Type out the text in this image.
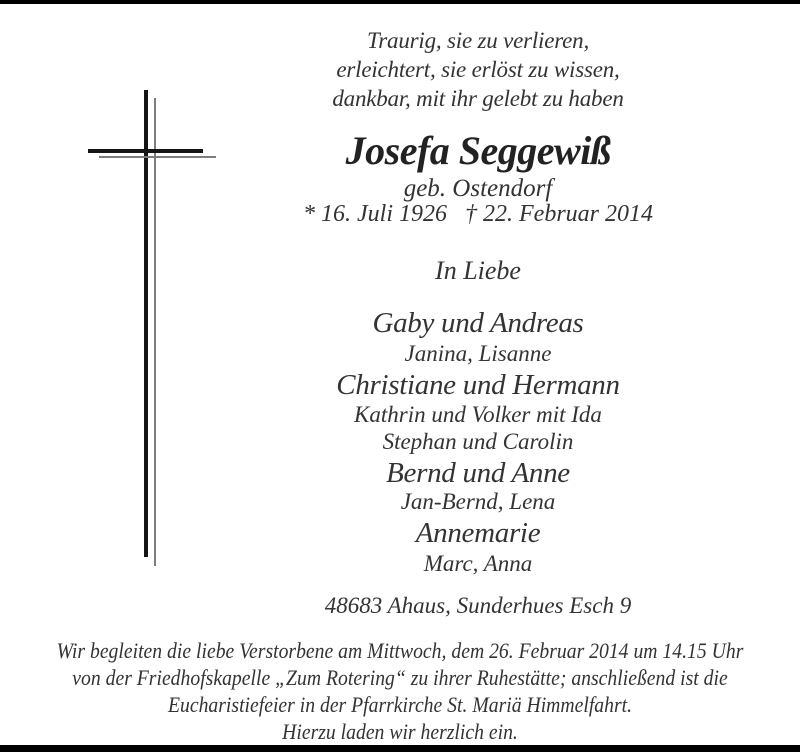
Traurig, sie zu verlieren,
erleichtert, sie erlöst zu wissen,
dankbar, mit ihr gelebt zu haben
Josefa Seggewiß
geb. Ostendorf
* 16. Juli 1926 † 22. Februar 2014
In Liebe
Gaby und Andreas
Janina, Lisanne
Christiane und Hermann
Kathrin und Volker mit Ida
Stephan und Carolin
Bernd und Anne
Jan-Bernd, Lena
Annemarie
Marc, Anna
48683 Ahaus, Sunderhues Esch 9
Wir begleiten die liebe Verstorbene am Mittwoch, dem 26. Februar 2014 um 14.15 Uhr
von der Friedhofskapelle „Zum Rotering“ zu ihrer Ruhestätte; anschließend ist die
Eucharistiefeier in der Pfarrkirche St. Mariä Himmelfahrt.
Hierzu laden wir herzlich ein.
